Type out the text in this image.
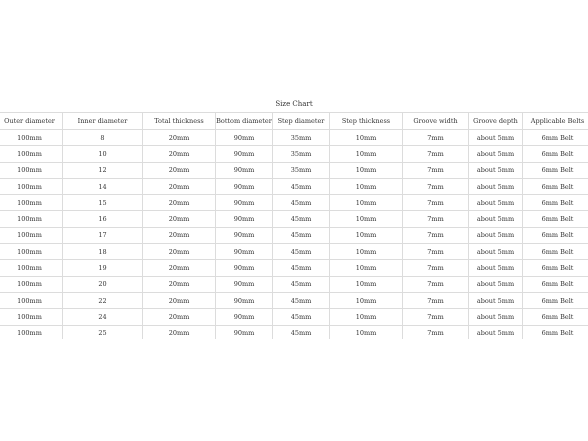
Size Chart
Outer diameter	Inner diameter	Total thickness	Bottom diameter	Step diameter	Step thickness	Groove width	Groove depth	Applicable Belts
100mm	8	20mm	90mm	35mm	10mm	7mm	about 5mm	6mm Belt
100mm	10	20mm	90mm	35mm	10mm	7mm	about 5mm	6mm Belt
100mm	12	20mm	90mm	35mm	10mm	7mm	about 5mm	6mm Belt
100mm	14	20mm	90mm	45mm	10mm	7mm	about 5mm	6mm Belt
100mm	15	20mm	90mm	45mm	10mm	7mm	about 5mm	6mm Belt
100mm	16	20mm	90mm	45mm	10mm	7mm	about 5mm	6mm Belt
100mm	17	20mm	90mm	45mm	10mm	7mm	about 5mm	6mm Belt
100mm	18	20mm	90mm	45mm	10mm	7mm	about 5mm	6mm Belt
100mm	19	20mm	90mm	45mm	10mm	7mm	about 5mm	6mm Belt
100mm	20	20mm	90mm	45mm	10mm	7mm	about 5mm	6mm Belt
100mm	22	20mm	90mm	45mm	10mm	7mm	about 5mm	6mm Belt
100mm	24	20mm	90mm	45mm	10mm	7mm	about 5mm	6mm Belt
100mm	25	20mm	90mm	45mm	10mm	7mm	about 5mm	6mm Belt
